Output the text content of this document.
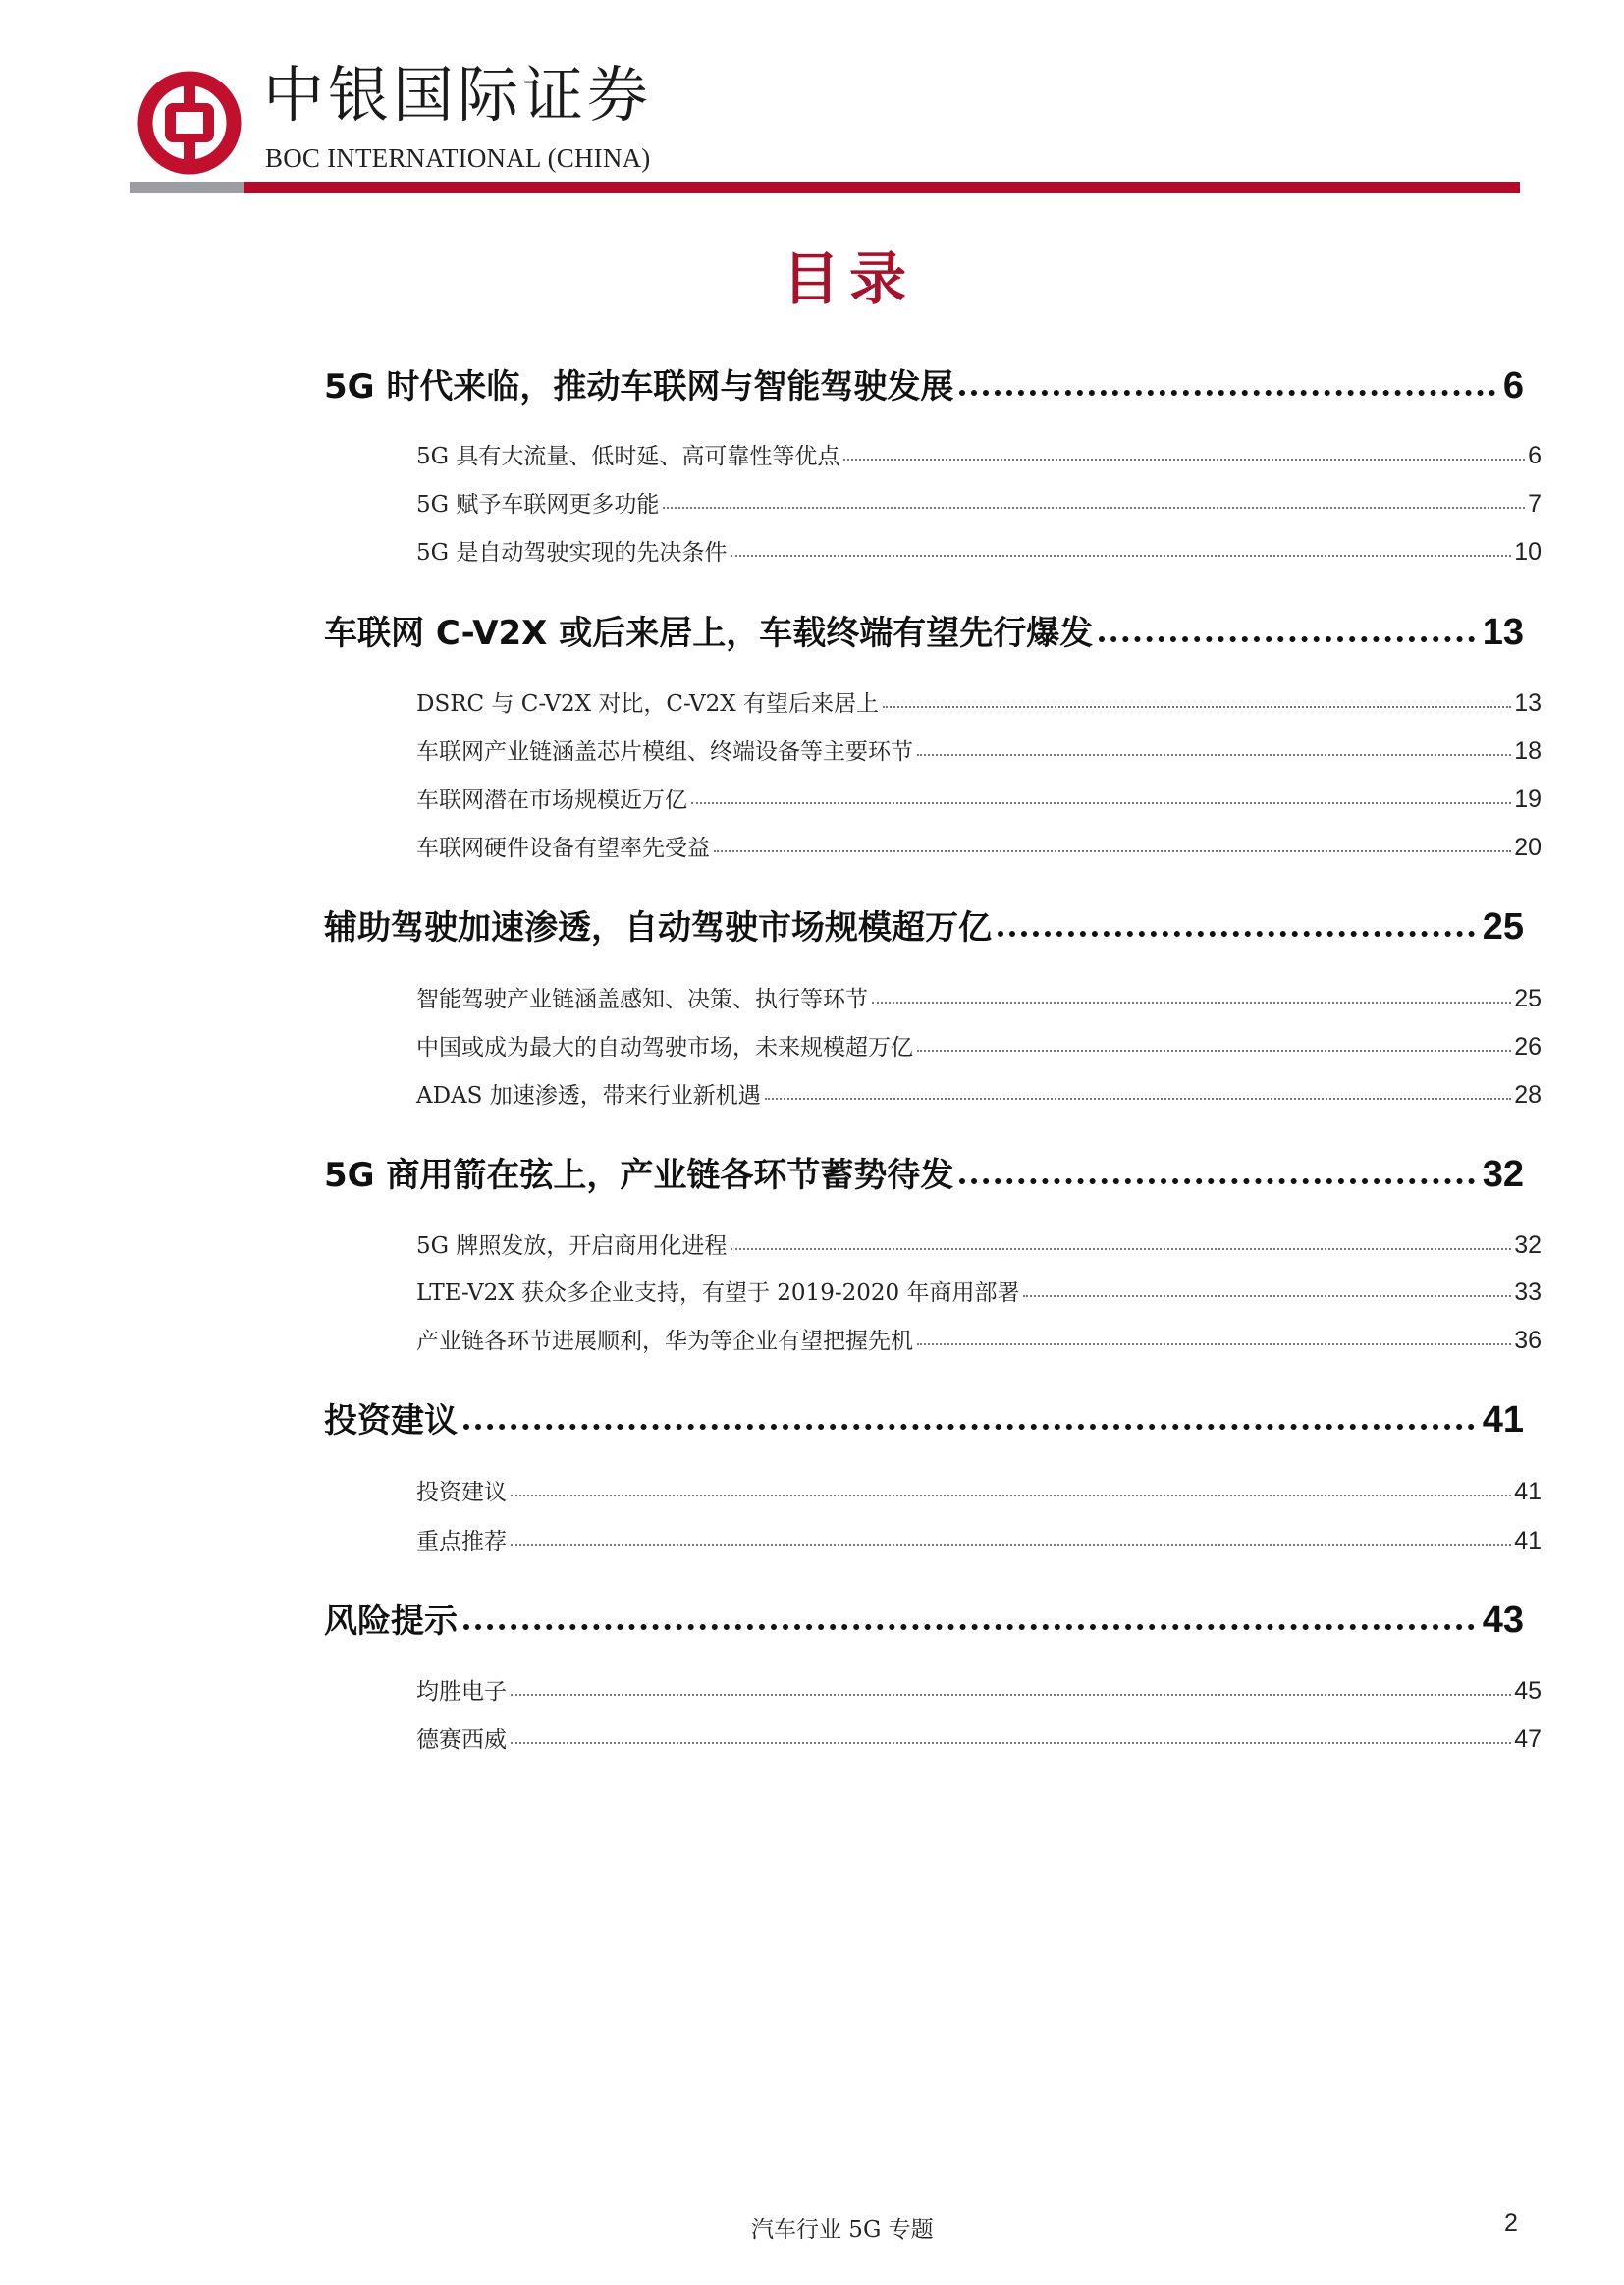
中银国际证券
BOC INTERNATIONAL (CHINA)
目录
5G 时代来临，推动车联网与智能驾驶发展	6
5G 具有大流量、低时延、高可靠性等优点	6
5G 赋予车联网更多功能	7
5G 是自动驾驶实现的先决条件	10
车联网 C-V2X 或后来居上，车载终端有望先行爆发	13
DSRC 与 C-V2X 对比，C-V2X 有望后来居上	13
车联网产业链涵盖芯片模组、终端设备等主要环节	18
车联网潜在市场规模近万亿	19
车联网硬件设备有望率先受益	20
辅助驾驶加速渗透，自动驾驶市场规模超万亿	25
智能驾驶产业链涵盖感知、决策、执行等环节	25
中国或成为最大的自动驾驶市场，未来规模超万亿	26
ADAS 加速渗透，带来行业新机遇	28
5G 商用箭在弦上，产业链各环节蓄势待发	32
5G 牌照发放，开启商用化进程	32
LTE-V2X 获众多企业支持，有望于 2019-2020 年商用部署	33
产业链各环节进展顺利，华为等企业有望把握先机	36
投资建议	41
投资建议	41
重点推荐	41
风险提示	43
均胜电子	45
德赛西威	47
汽车行业 5G 专题	2
